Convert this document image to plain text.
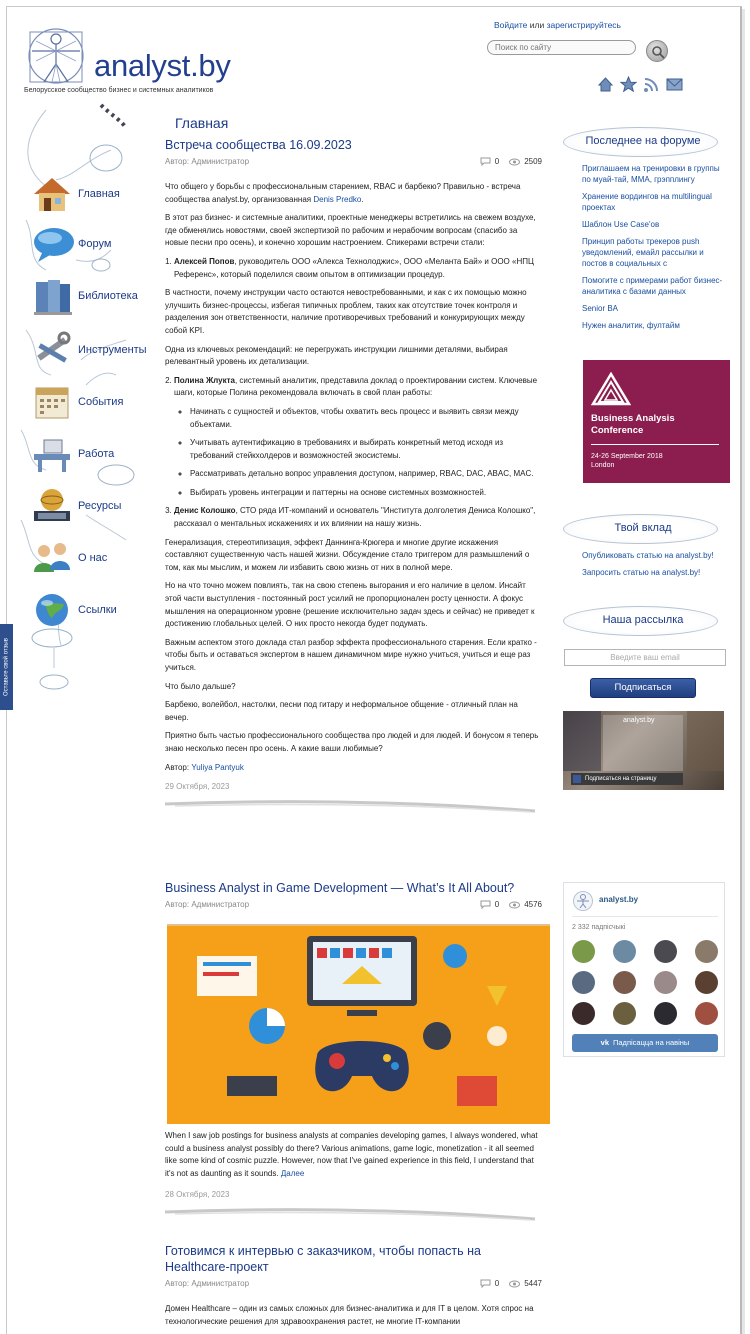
analyst.by
Белорусское сообщество бизнес и системных аналитиков
Войдите или зарегистрируйтесь
Поиск по сайту
Главная
Форум
Библиотека
Инструменты
События
Работа
Ресурсы
О нас
Ссылки
Оставьте свой отзыв
Главная
Встреча сообщества 16.09.2023
Автор: Администратор	0	2509

Что общего у борьбы с профессиональным старением, RBAC и барбекю? Правильно - встреча сообщества analyst.by, организованная Denis Predko.

В этот раз бизнес- и системные аналитики, проектные менеджеры встретились на свежем воздухе, где обменялись новостями, своей экспертизой по рабочим и нерабочим вопросам (спасибо за новые песни про осень), и конечно хорошим настроением. Спикерами встречи стали:

1. Алексей Попов, руководитель ООО «Алекса Технолоджис», ООО «Меланта Бай» и ООО «НПЦ Референс», который поделился своим опытом в оптимизации процедур.

В частности, почему инструкции часто остаются невостребованными, и как с их помощью можно улучшить бизнес-процессы, избегая типичных проблем, таких как отсутствие точек контроля и разделения зон ответственности, наличие противоречивых требований и конкурирующих между собой KPI.

Одна из ключевых рекомендаций: не перегружать инструкции лишними деталями, выбирая релевантный уровень их детализации.

2. Полина Жлукта, системный аналитик, представила доклад о проектировании систем. Ключевые шаги, которые Полина рекомендовала включать в свой план работы:
◦ Начинать с сущностей и объектов, чтобы охватить весь процесс и выявить связи между объектами.
◦ Учитывать аутентификацию в требованиях и выбирать конкретный метод исходя из требований стейкхолдеров и возможностей экосистемы.
◦ Рассматривать детально вопрос управления доступом, например, RBAC, DAC, ABAC, MAC.
◦ Выбирать уровень интеграции и паттерны на основе системных возможностей.
3. Денис Колошко, СТО ряда ИТ-компаний и основатель "Института долголетия Дениса Колошко", рассказал о ментальных искажениях и их влиянии на нашу жизнь.

Генерализация, стереотипизация, эффект Даннинга-Крюгера и многие другие искажения составляют существенную часть нашей жизни. Обсуждение стало триггером для размышлений о том, как мы мыслим, и можем ли избавить свою жизнь от них в полной мере.

Но на что точно можем повлиять, так на свою степень выгорания и его наличие в целом. Инсайт этой части выступления - постоянный рост усилий не пропорционален росту ценности. А фокус мышления на операционном уровне (решение исключительно задач здесь и сейчас) не приведет к достижению глобальных целей. О них просто некогда будет подумать.

Важным аспектом этого доклада стал разбор эффекта профессионального старения. Если кратко - чтобы быть и оставаться экспертом в нашем динамичном мире нужно учиться, учиться и еще раз учиться.

Что было дальше?

Барбекю, волейбол, настолки, песни под гитару и неформальное общение - отличный план на вечер.

Приятно быть частью профессионального сообщества про людей и для людей. И бонусом я теперь знаю несколько песен про осень. А какие ваши любимые?

Автор: Yuliya Pantyuk

29 Октября, 2023
Business Analyst in Game Development — What’s It All About?
Автор: Администратор	0	4576

When I saw job postings for business analysts at companies developing games, I always wondered, what could a business analyst possibly do there? Various animations, game logic, monetization - it all seemed like some kind of cosmic puzzle. However, now that I've gained experience in this field, I understand that it's not as daunting as it sounds. Далее

28 Октября, 2023
Готовимся к интервью с заказчиком, чтобы попасть на Healthcare-проект
Автор: Администратор	0	5447

Домен Healthcare – один из самых сложных для бизнес-аналитика и для IT в целом. Хотя спрос на технологические решения для здравоохранения растет, не многие IT-компании

Последнее на форуме
Приглашаем на тренировки в группы по муай-тай, ММА, грэпплингу
Хранение вордингов на multilingual проектах
Шаблон Use Case'ов
Принцип работы трекеров push уведомлений, емайл рассылки и постов в социальных с
Помогите с примерами работ бизнес-аналитика с базами данных
Senior BA
Нужен аналитик, фултайм
Business Analysis
Conference
24-26 September 2018
London
Твой вклад
Опубликовать статью на analyst.by!
Запросить статью на analyst.by!
Наша рассылка
Введите ваш email
Подписаться
analyst.by
Подписаться на страницу
analyst.by
2 332 падпісчыкі
vk Падпісацца на навіны
